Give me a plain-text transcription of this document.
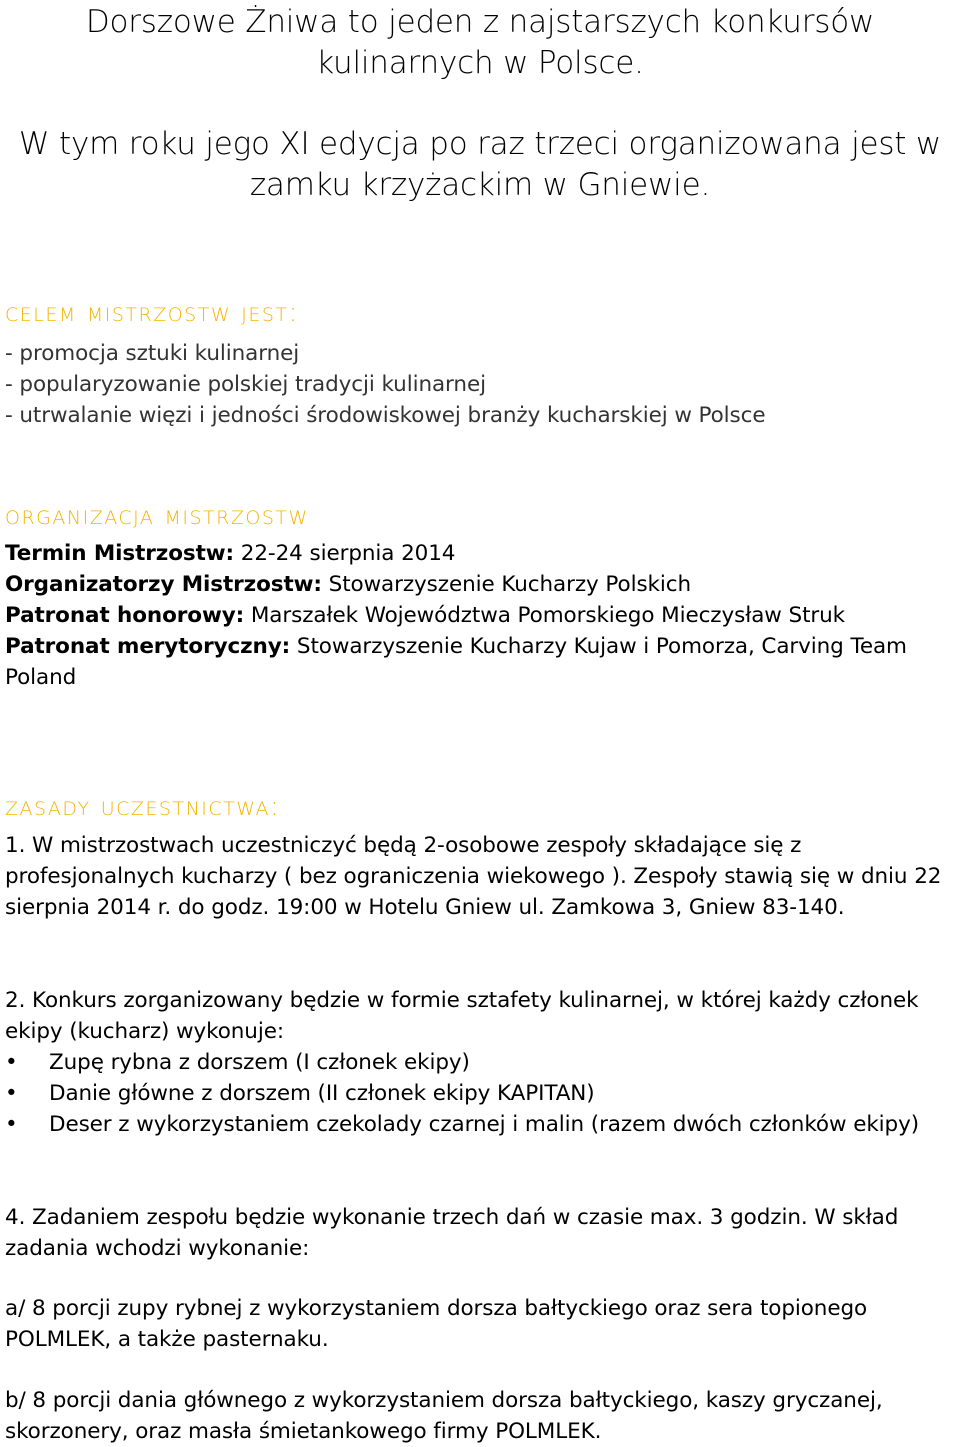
Dorszowe Żniwa to jeden z najstarszych konkursów kulinarnych w Polsce.

W tym roku jego XI edycja po raz trzeci organizowana jest w zamku krzyżackim w Gniewie.

celem mistrzostw jest:

- promocja sztuki kulinarnej

- popularyzowanie polskiej tradycji kulinarnej

- utrwalanie więzi i jedności środowiskowej branży kucharskiej w Polsce

organizacja mistrzostw

Termin Mistrzostw: 22-24 sierpnia 2014

Organizatorzy Mistrzostw: Stowarzyszenie Kucharzy Polskich

Patronat honorowy: Marszałek Województwa Pomorskiego Mieczysław Struk

Patronat merytoryczny: Stowarzyszenie Kucharzy Kujaw i Pomorza, Carving Team Poland

zasady uczestnictwa:

1. W mistrzostwach uczestniczyć będą 2-osobowe zespoły składające się z profesjonalnych kucharzy ( bez ograniczenia wiekowego ). Zespoły stawią się w dniu 22 sierpnia 2014 r. do godz. 19:00 w Hotelu Gniew ul. Zamkowa 3, Gniew 83-140.

2. Konkurs zorganizowany będzie w formie sztafety kulinarnej, w której każdy członek ekipy (kucharz) wykonuje:

• Zupę rybna z dorszem (I członek ekipy)
• Danie główne z dorszem (II członek ekipy KAPITAN)
• Deser z wykorzystaniem czekolady czarnej i malin (razem dwóch członków ekipy)

4. Zadaniem zespołu będzie wykonanie trzech dań w czasie max. 3 godzin. W skład zadania wchodzi wykonanie:

a/ 8 porcji zupy rybnej z wykorzystaniem dorsza bałtyckiego oraz sera topionego POLMLEK, a także pasternaku.

b/ 8 porcji dania głównego z wykorzystaniem dorsza bałtyckiego, kaszy gryczanej, skorzonery, oraz masła śmietankowego firmy POLMLEK.
